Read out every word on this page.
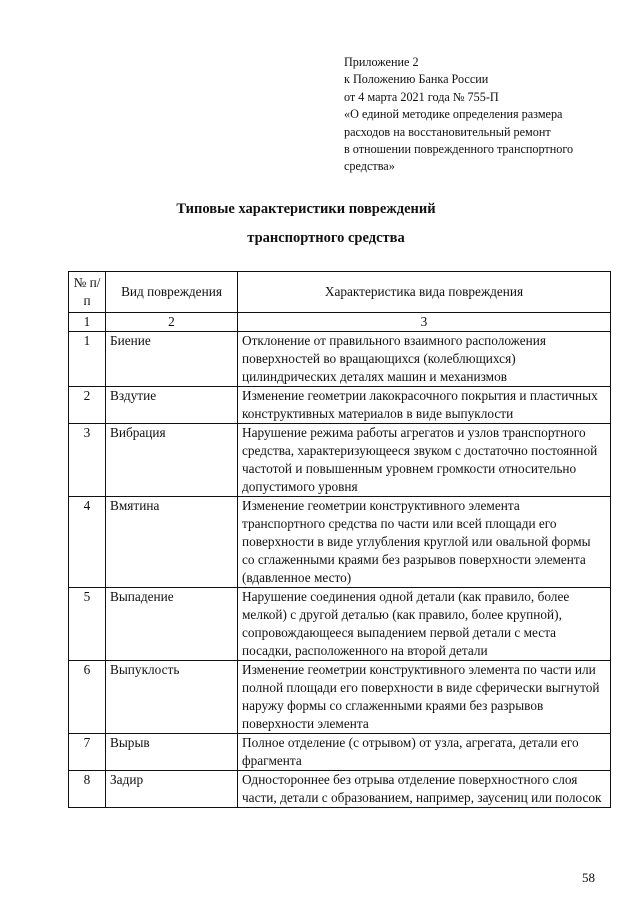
Приложение 2
к Положению Банка России
от 4 марта 2021 года № 755-П
«О единой методике определения размера
расходов на восстановительный ремонт
в отношении поврежденного транспортного
средства»
Типовые характеристики повреждений
транспортного средства
№ п/п	Вид повреждения	Характеристика вида повреждения
1	2	3
1	Биение	Отклонение от правильного взаимного расположения поверхностей во вращающихся (колеблющихся) цилиндрических деталях машин и механизмов
2	Вздутие	Изменение геометрии лакокрасочного покрытия и пластичных конструктивных материалов в виде выпуклости
3	Вибрация	Нарушение режима работы агрегатов и узлов транспортного средства, характеризующееся звуком с достаточно постоянной частотой и повышенным уровнем громкости относительно допустимого уровня
4	Вмятина	Изменение геометрии конструктивного элемента транспортного средства по части или всей площади его поверхности в виде углубления круглой или овальной формы со сглаженными краями без разрывов поверхности элемента (вдавленное место)
5	Выпадение	Нарушение соединения одной детали (как правило, более мелкой) с другой деталью (как правило, более крупной), сопровождающееся выпадением первой детали с места посадки, расположенного на второй детали
6	Выпуклость	Изменение геометрии конструктивного элемента по части или полной площади его поверхности в виде сферически выгнутой наружу формы со сглаженными краями без разрывов поверхности элемента
7	Вырыв	Полное отделение (с отрывом) от узла, агрегата, детали его фрагмента
8	Задир	Одностороннее без отрыва отделение поверхностного слоя части, детали с образованием, например, заусениц или полосок
58
